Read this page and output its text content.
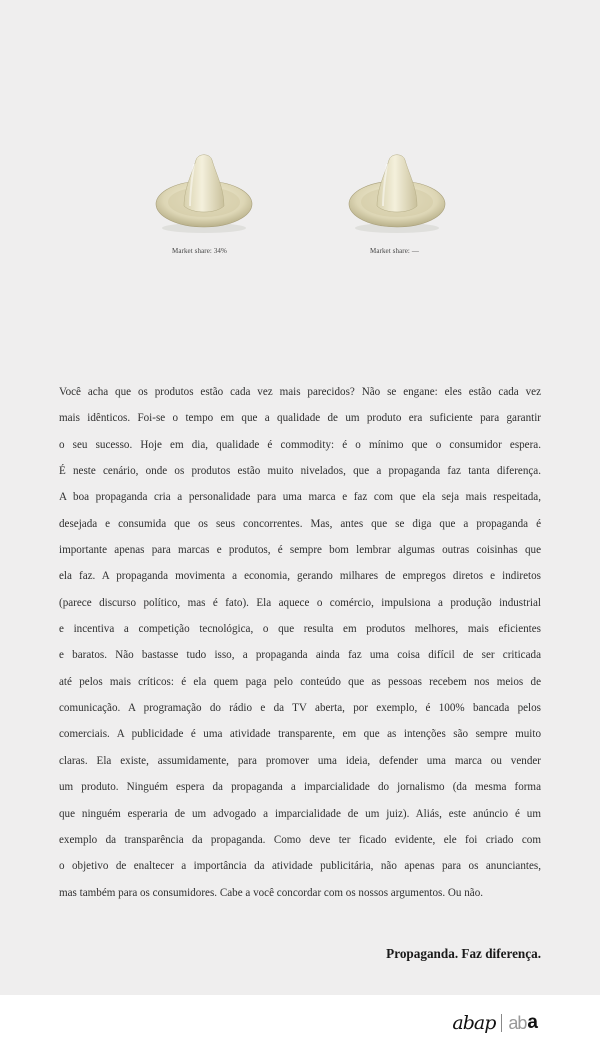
Market share: 34%	Market share: —

Você acha que os produtos estão cada vez mais parecidos? Não se engane: eles estão cada vez
mais idênticos. Foi-se o tempo em que a qualidade de um produto era suficiente para garantir
o seu sucesso. Hoje em dia, qualidade é commodity: é o mínimo que o consumidor espera.
É neste cenário, onde os produtos estão muito nivelados, que a propaganda faz tanta diferença.
A boa propaganda cria a personalidade para uma marca e faz com que ela seja mais respeitada,
desejada e consumida que os seus concorrentes. Mas, antes que se diga que a propaganda é
importante apenas para marcas e produtos, é sempre bom lembrar algumas outras coisinhas que
ela faz. A propaganda movimenta a economia, gerando milhares de empregos diretos e indiretos
(parece discurso político, mas é fato). Ela aquece o comércio, impulsiona a produção industrial
e incentiva a competição tecnológica, o que resulta em produtos melhores, mais eficientes
e baratos. Não bastasse tudo isso, a propaganda ainda faz uma coisa difícil de ser criticada
até pelos mais críticos: é ela quem paga pelo conteúdo que as pessoas recebem nos meios de
comunicação. A programação do rádio e da TV aberta, por exemplo, é 100% bancada pelos
comerciais. A publicidade é uma atividade transparente, em que as intenções são sempre muito
claras. Ela existe, assumidamente, para promover uma ideia, defender uma marca ou vender
um produto. Ninguém espera da propaganda a imparcialidade do jornalismo (da mesma forma
que ninguém esperaria de um advogado a imparcialidade de um juiz). Aliás, este anúncio é um
exemplo da transparência da propaganda. Como deve ter ficado evidente, ele foi criado com
o objetivo de enaltecer a importância da atividade publicitária, não apenas para os anunciantes,
mas também para os consumidores. Cabe a você concordar com os nossos argumentos. Ou não.

Propaganda. Faz diferença.

abap ab a
